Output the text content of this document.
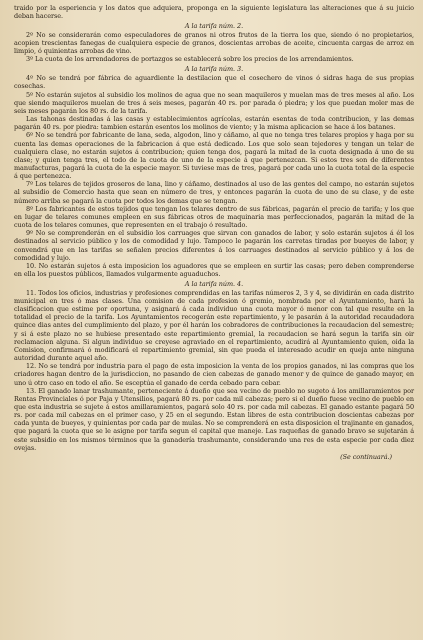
traido por la esperiencia y los datos que adquiera, proponga en la siguiente legislatura las alteraciones que á su juicio deban hacerse.

A la tarifa núm. 2.

2º No se considerarán como especuladores de granos ni otros frutos de la tierra los que, siendo ó no propietarios, acopien trescientas fanegas de cualquiera especie de granos, doscientas arrobas de aceite, cincuenta cargas de arroz en limpio, ó quinientas arrobas de vino.

3º La cuota de los arrendadores de portazgos se establecerá sobre los precios de los arrendamientos.

A la tarifa núm. 3.

4º No se tendrá por fábrica de aguardiente la destilacion que el cosechero de vinos ó sidras haga de sus propias cosechas.

5º No estarán sujetos al subsidio los molinos de agua que no sean maquileros y muelan mas de tres meses al año. Los que siendo maquileros muelan de tres á seis meses, pagarán 40 rs. por parada ó piedra; y los que puedan moler mas de seis meses pagarán los 80 rs. de la tarifa.

Las tahonas destinadas á las casas y establecimientos agrícolas, estarán esentas de toda contribucion, y las demas pagarán 40 rs. por piedra: tambien estarán esentos los molinos de viento; y la misma aplicacion se hace á los batanes.

6º No se tendrá por fabricante de lana, seda, algodon, lino y cáñamo, al que no tenga tres telares propios y haga por su cuenta las demas operaciones de la fabricacion á que está dedicado. Los que solo sean tejedores y tengan un telar de cualquiera clase, no estarán sujetos á contribucion; quien tenga dos, pagará la mitad de la cuota designada á uno de su clase; y quien tenga tres, el todo de la cuota de uno de la especie á que pertenezcan. Si estos tres son de diferentes manufacturas, pagará la cuota de la especie mayor. Si tuviese mas de tres, pagará por cada uno la cuota total de la especie á que pertenezca.

7º Los telares de tejidos groseros de lana, lino y cáñamo, destinados al uso de las gentes del campo, no estarán sujetos al subsidio de Comercio hasta que sean en número de tres, y entonces pagarán la cuota de uno de su clase, y de este número arriba se pagará la cuota por todos los demas que se tengan.

8º Los fabricantes de estos tejidos que tengan los telares dentro de sus fábricas, pagarán el precio de tarifa; y los que en lugar de telares comunes empleen en sus fábricas otros de maquinaria mas perfeccionados, pagarán la mitad de la cuota de los telares comunes, que representen en el trabajo ó resultado.

9º No se comprenderán en el subsidio los carruages que sirvan con ganados de labor, y solo estarán sujetos á él los destinados al servicio público y los de comodidad y lujo. Tampoco le pagarán los carretas tiradas por bueyes de labor, y convendrá que en las tarifas se señalen precios diferentes á los carruages destinados al servicio público y á los de comodidad y lujo.

10. No estarán sujetos á esta imposicion los aguadores que se empleen en surtir las casas; pero deben comprenderse en ella los puestos públicos, llamados vulgarmente aguaduchos.

A la tarifa núm. 4.

11. Todos los oficios, industrias y profesiones comprendidas en las tarifas números 2, 3 y 4, se dividirán en cada distrito municipal en tres ó mas clases. Una comision de cada profesion ó gremio, nombrada por el Ayuntamiento, hará la clasificacion que estime por oportuna, y asignará á cada individuo una cuota mayor ó menor con tal que resulte en la totalidad el precio de la tarifa. Los Ayuntamientos recogerán este repartimiento, y le pasarán á la autoridad recaudadora quince dias antes del cumplimiento del plazo, y por él harán los cobradores de contribuciones la recaudacion del semestre; y si á este plazo no se hubiese presentado este repartimiento gremial, la recaudacion se hará segun la tarifa sin oir reclamacion alguna. Si algun individuo se creyese agraviado en el repartimiento, acudirá al Ayuntamiento quien, oida la Comision, confirmará ó modificará el repartimiento gremial, sin que pueda el interesado acudir en queja ante ninguna autoridad durante aquel año.

12. No se tendrá por industria para el pago de esta imposicion la venta de los propios ganados, ni las compras que los criadores hagan dentro de la jurisdiccion, no pasando de cien cabezas de ganado menor y de quince de ganado mayor, en uno ú otro caso en todo el año. Se esceptúa el ganado de cerda cebado para cebar.

13. El ganado lanar trashumante, perteneciente á dueño que sea vecino de pueblo no sugeto á los amillaramientos por Rentas Provinciales ó por Paja y Utensilios, pagará 80 rs. por cada mil cabezas; pero si el dueño fuese vecino de pueblo en que esta industria se sujete á estos amillaramientos, pagará solo 40 rs. por cada mil cabezas. El ganado estante pagará 50 rs. por cada mil cabezas en el primer caso, y 25 en el segundo. Estan libres de esta contribucion doscientas cabezas por cada yunta de bueyes, y quinientas por cada par de mulas. No se comprenderá en esta disposicion el trajinante en ganados, que pagará la cuota que se le asigne por tarifa segun el capital que maneje. Las raqueñas de ganado bravo se sujetarán á este subsidio en los mismos términos que la ganadería trashumante, considerando una res de esta especie por cada diez ovejas.

(Se continuará.)
